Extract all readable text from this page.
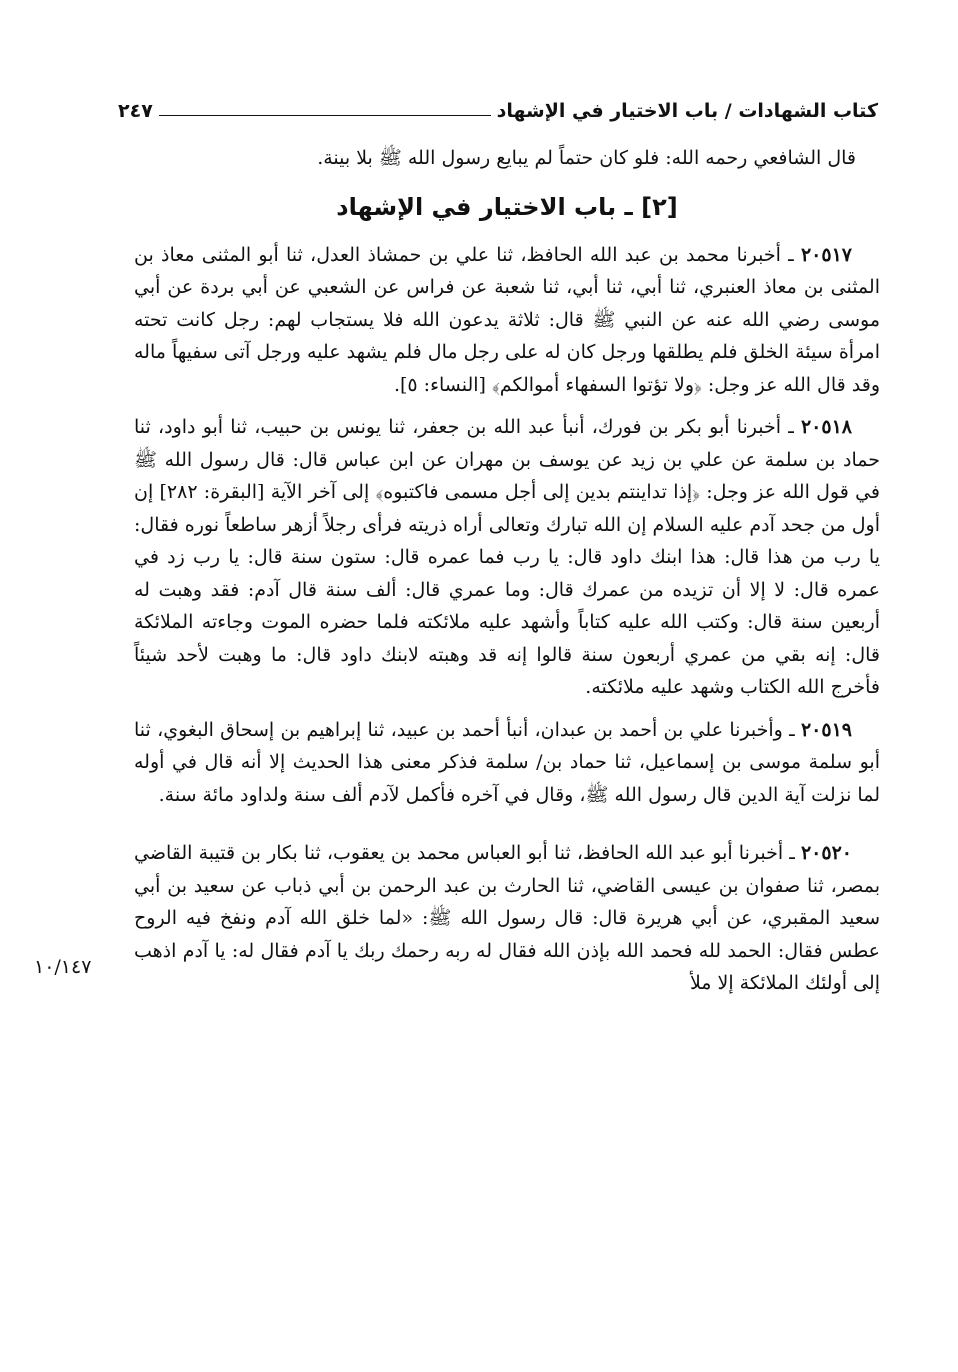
كتاب الشهادات / باب الاختيار في الإشهاد
٢٤٧

قال الشافعي رحمه الله: فلو كان حتماً لم يبايع رسول الله ﷺ بلا بينة.

[٢] ـ باب الاختيار في الإشهاد

٢٠٥١٧ ـ أخبرنا محمد بن عبد الله الحافظ، ثنا علي بن حمشاذ العدل، ثنا أبو المثنى معاذ بن المثنى بن معاذ العنبري، ثنا أبي، ثنا أبي، ثنا شعبة عن فراس عن الشعبي عن أبي بردة عن أبي موسى رضي الله عنه عن النبي ﷺ قال: ثلاثة يدعون الله فلا يستجاب لهم: رجل كانت تحته امرأة سيئة الخلق فلم يطلقها ورجل كان له على رجل مال فلم يشهد عليه ورجل آتى سفيهاً ماله وقد قال الله عز وجل: ﴿ولا تؤتوا السفهاء أموالكم﴾ [النساء: ٥].

٢٠٥١٨ ـ أخبرنا أبو بكر بن فورك، أنبأ عبد الله بن جعفر، ثنا يونس بن حبيب، ثنا أبو داود، ثنا حماد بن سلمة عن علي بن زيد عن يوسف بن مهران عن ابن عباس قال: قال رسول الله ﷺ في قول الله عز وجل: ﴿إذا تداينتم بدين إلى أجل مسمى فاكتبوه﴾ إلى آخر الآية [البقرة: ٢٨٢] إن أول من جحد آدم عليه السلام إن الله تبارك وتعالى أراه ذريته فرأى رجلاً أزهر ساطعاً نوره فقال: يا رب من هذا قال: هذا ابنك داود قال: يا رب فما عمره قال: ستون سنة قال: يا رب زد في عمره قال: لا إلا أن تزيده من عمرك قال: وما عمري قال: ألف سنة قال آدم: فقد وهبت له أربعين سنة قال: وكتب الله عليه كتاباً وأشهد عليه ملائكته فلما حضره الموت وجاءته الملائكة قال: إنه بقي من عمري أربعون سنة قالوا إنه قد وهبته لابنك داود قال: ما وهبت لأحد شيئاً فأخرج الله الكتاب وشهد عليه ملائكته.

٢٠٥١٩ ـ وأخبرنا علي بن أحمد بن عبدان، أنبأ أحمد بن عبيد، ثنا إبراهيم بن إسحاق البغوي، ثنا أبو سلمة موسى بن إسماعيل، ثنا حماد بن/ سلمة فذكر معنى هذا الحديث إلا أنه قال في أوله لما نزلت آية الدين قال رسول الله ﷺ، وقال في آخره فأكمل لآدم ألف سنة ولداود مائة سنة.

٢٠٥٢٠ ـ أخبرنا أبو عبد الله الحافظ، ثنا أبو العباس محمد بن يعقوب، ثنا بكار بن قتيبة القاضي بمصر، ثنا صفوان بن عيسى القاضي، ثنا الحارث بن عبد الرحمن بن أبي ذباب عن سعيد بن أبي سعيد المقبري، عن أبي هريرة قال: قال رسول الله ﷺ: «لما خلق الله آدم ونفخ فيه الروح عطس فقال: الحمد لله فحمد الله بإذن الله فقال له ربه رحمك ربك يا آدم فقال له: يا آدم اذهب إلى أولئك الملائكة إلا ملأ

١٠/١٤٧
